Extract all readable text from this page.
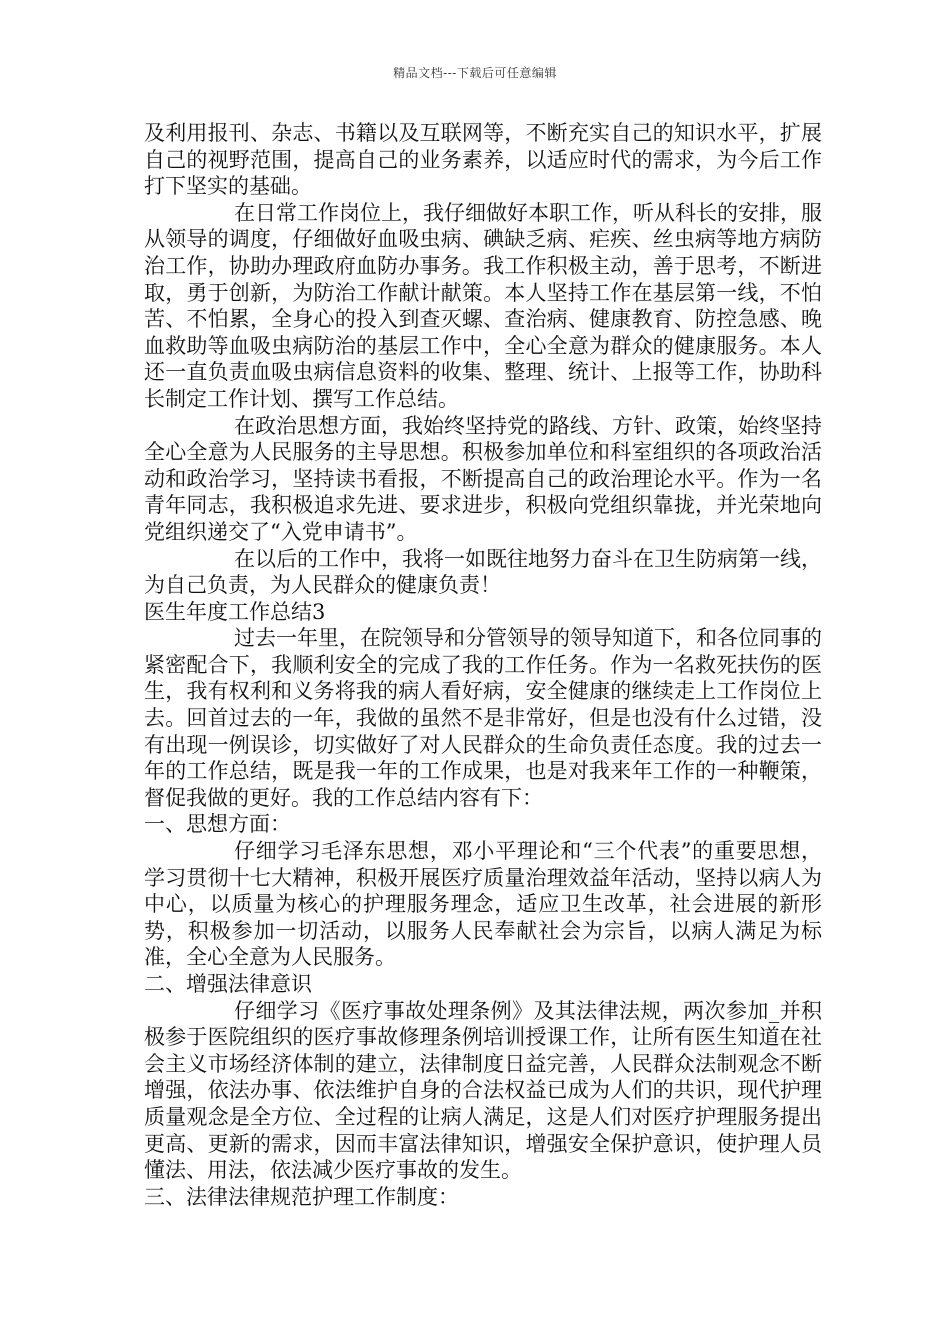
精品文档---下载后可任意编辑

及利用报刊、杂志、书籍以及互联网等，不断充实自己的知识水平，扩展自己的视野范围，提高自己的业务素养，以适应时代的需求，为今后工作打下坚实的基础。

在日常工作岗位上，我仔细做好本职工作，听从科长的安排，服从领导的调度，仔细做好血吸虫病、碘缺乏病、疟疾、丝虫病等地方病防治工作，协助办理政府血防办事务。我工作积极主动，善于思考，不断进取，勇于创新，为防治工作献计献策。本人坚持工作在基层第一线，不怕苦、不怕累，全身心的投入到查灭螺、查治病、健康教育、防控急感、晚血救助等血吸虫病防治的基层工作中，全心全意为群众的健康服务。本人还一直负责血吸虫病信息资料的收集、整理、统计、上报等工作，协助科长制定工作计划、撰写工作总结。

在政治思想方面，我始终坚持党的路线、方针、政策，始终坚持全心全意为人民服务的主导思想。积极参加单位和科室组织的各项政治活动和政治学习，坚持读书看报，不断提高自己的政治理论水平。作为一名青年同志，我积极追求先进、要求进步，积极向党组织靠拢，并光荣地向党组织递交了“入党申请书”。

在以后的工作中，我将一如既往地努力奋斗在卫生防病第一线，为自己负责，为人民群众的健康负责！

医生年度工作总结3

过去一年里，在院领导和分管领导的领导知道下，和各位同事的紧密配合下，我顺利安全的完成了我的工作任务。作为一名救死扶伤的医生，我有权利和义务将我的病人看好病，安全健康的继续走上工作岗位上去。回首过去的一年，我做的虽然不是非常好，但是也没有什么过错，没有出现一例误诊，切实做好了对人民群众的生命负责任态度。我的过去一年的工作总结，既是我一年的工作成果，也是对我来年工作的一种鞭策，督促我做的更好。我的工作总结内容有下：

一、思想方面：

仔细学习毛泽东思想，邓小平理论和“三个代表”的重要思想，学习贯彻十七大精神，积极开展医疗质量治理效益年活动，坚持以病人为中心，以质量为核心的护理服务理念，适应卫生改革，社会进展的新形势，积极参加一切活动，以服务人民奉献社会为宗旨，以病人满足为标准，全心全意为人民服务。

二、增强法律意识

仔细学习《医疗事故处理条例》及其法律法规，两次参加_并积极参于医院组织的医疗事故修理条例培训授课工作，让所有医生知道在社会主义市场经济体制的建立，法律制度日益完善，人民群众法制观念不断增强，依法办事、依法维护自身的合法权益已成为人们的共识，现代护理质量观念是全方位、全过程的让病人满足，这是人们对医疗护理服务提出更高、更新的需求，因而丰富法律知识，增强安全保护意识，使护理人员懂法、用法，依法减少医疗事故的发生。

三、法律法律规范护理工作制度：
